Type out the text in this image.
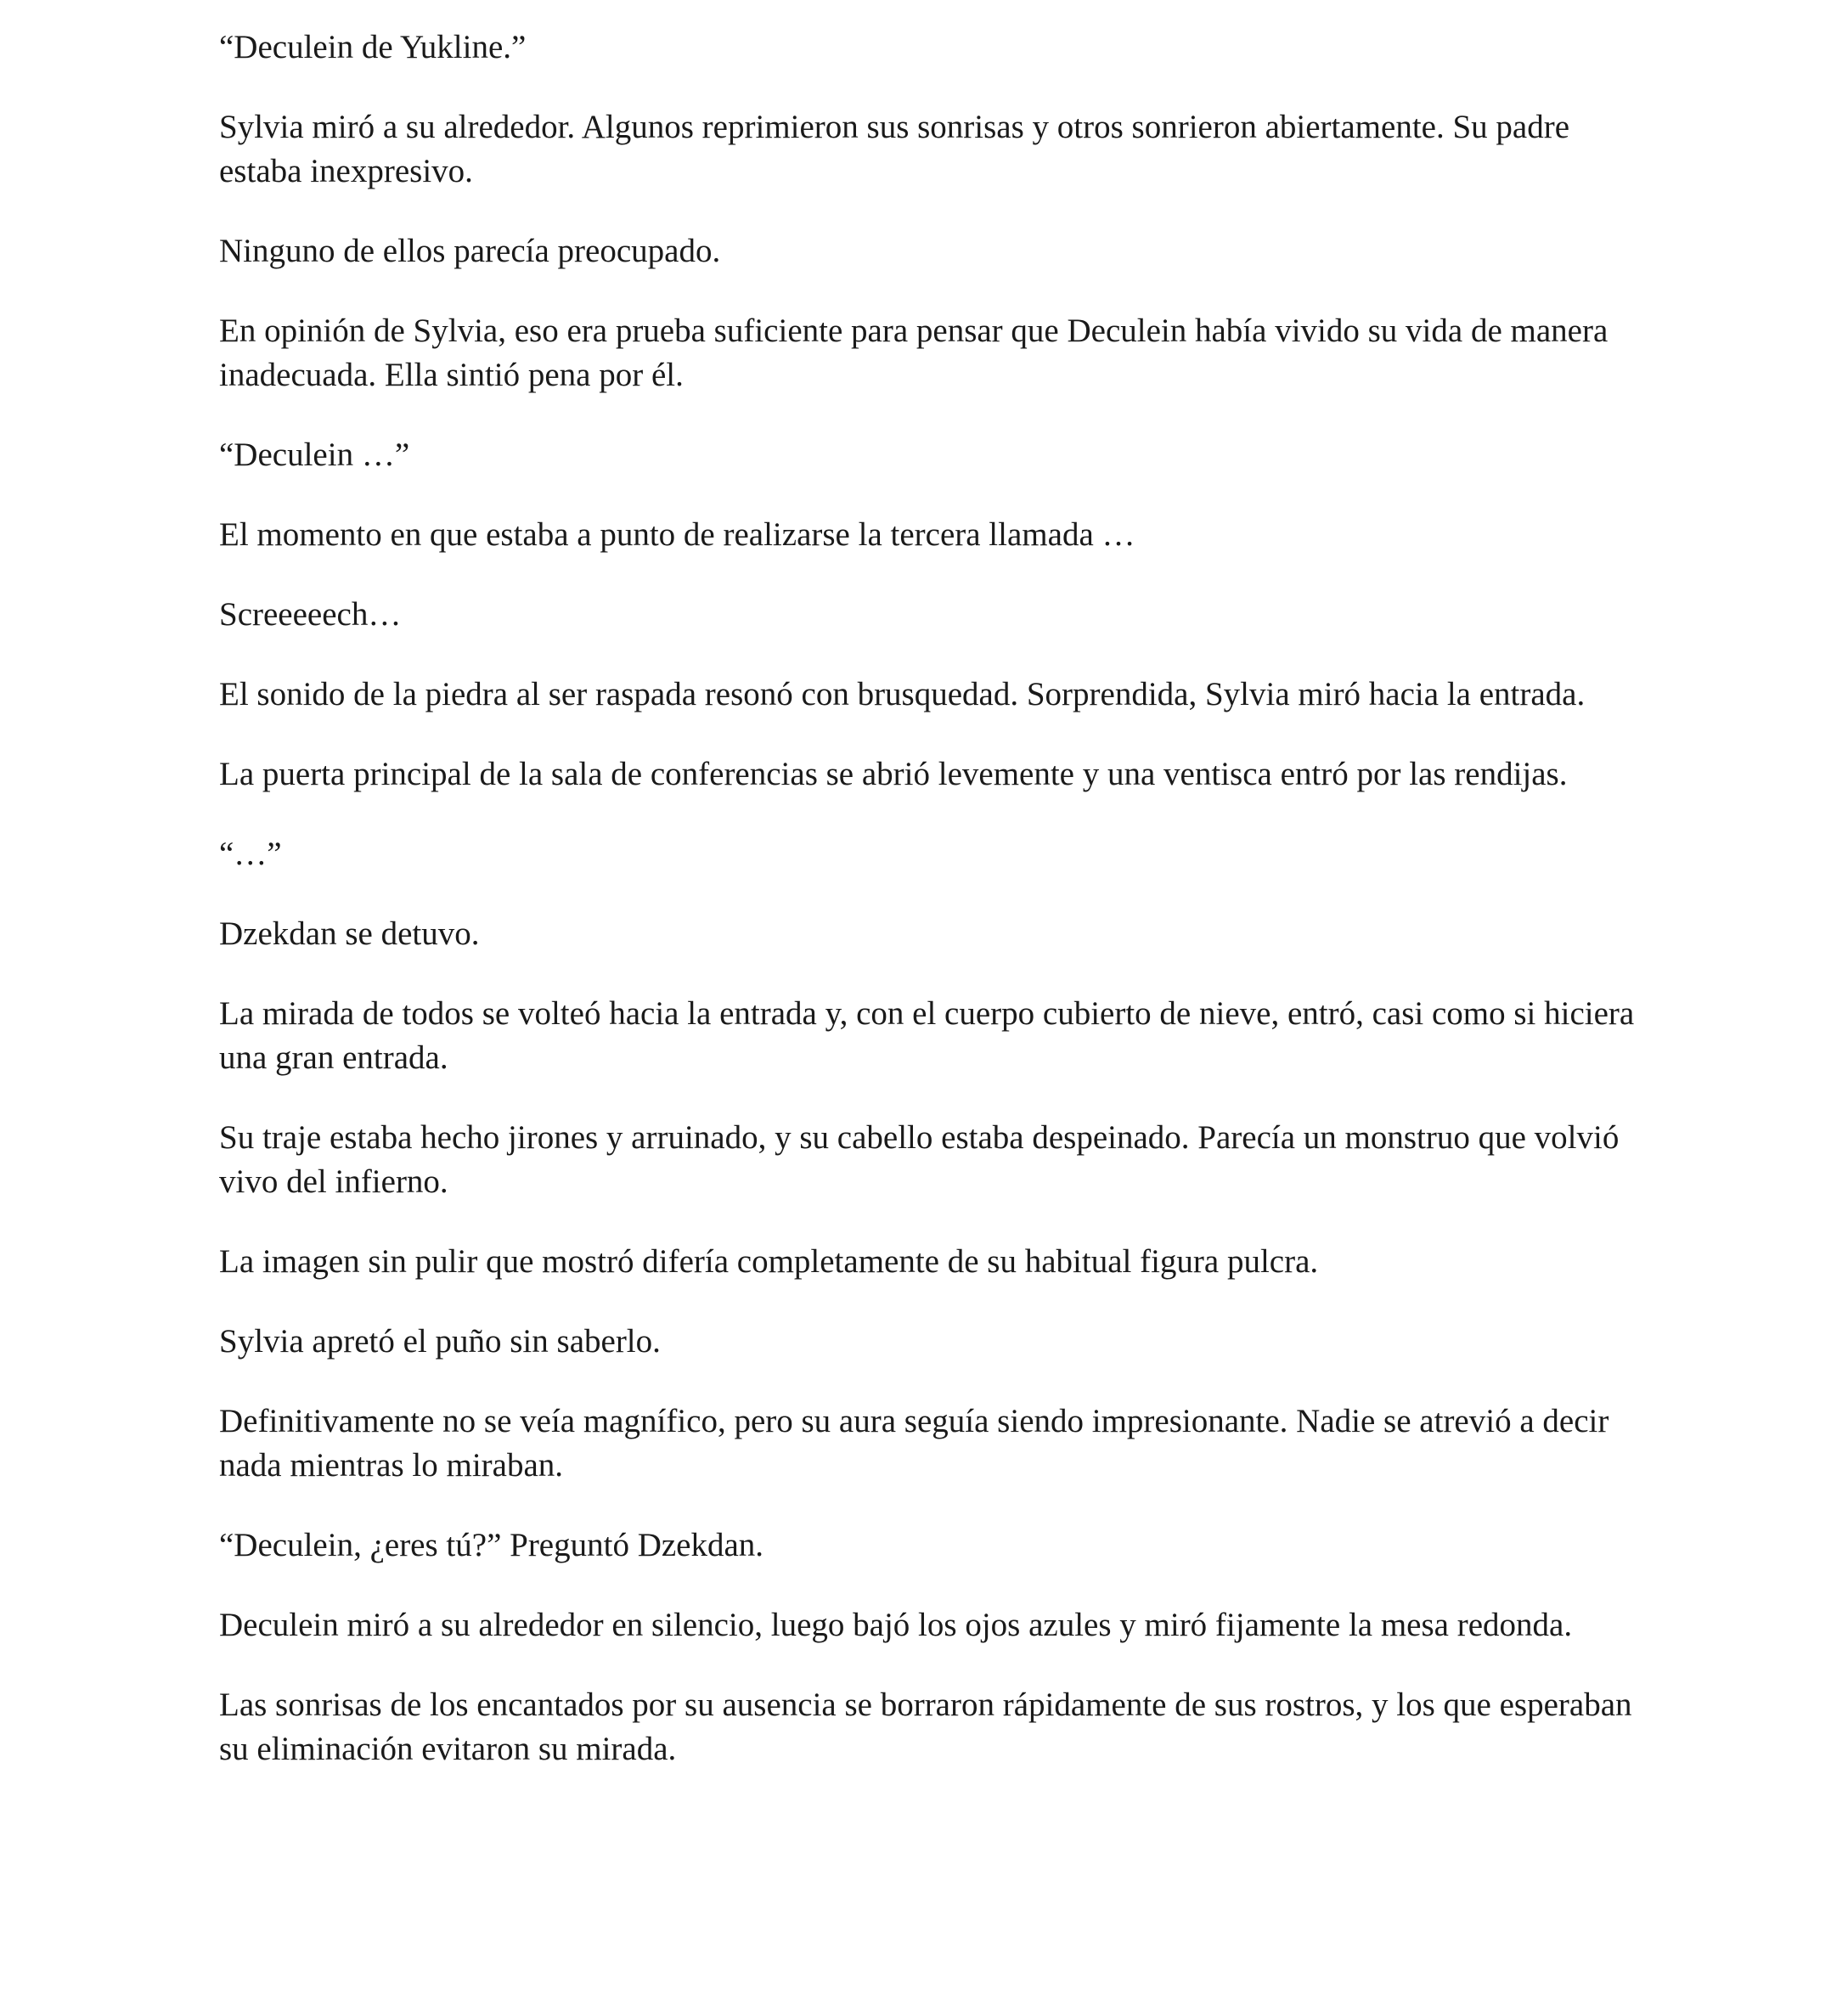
“Deculein de Yukline.”

Sylvia miró a su alrededor. Algunos reprimieron sus sonrisas y otros sonrieron abiertamente. Su padre estaba inexpresivo.

Ninguno de ellos parecía preocupado.

En opinión de Sylvia, eso era prueba suficiente para pensar que Deculein había vivido su vida de manera inadecuada. Ella sintió pena por él.

“Deculein …”

El momento en que estaba a punto de realizarse la tercera llamada …

Screeeeech…

El sonido de la piedra al ser raspada resonó con brusquedad. Sorprendida, Sylvia miró hacia la entrada.

La puerta principal de la sala de conferencias se abrió levemente y una ventisca entró por las rendijas.

“…”

Dzekdan se detuvo.

La mirada de todos se volteó hacia la entrada y, con el cuerpo cubierto de nieve, entró, casi como si hiciera una gran entrada.

Su traje estaba hecho jirones y arruinado, y su cabello estaba despeinado. Parecía un monstruo que volvió vivo del infierno.

La imagen sin pulir que mostró difería completamente de su habitual figura pulcra.

Sylvia apretó el puño sin saberlo.

Definitivamente no se veía magnífico, pero su aura seguía siendo impresionante. Nadie se atrevió a decir nada mientras lo miraban.

“Deculein, ¿eres tú?” Preguntó Dzekdan.

Deculein miró a su alrededor en silencio, luego bajó los ojos azules y miró fijamente la mesa redonda.

Las sonrisas de los encantados por su ausencia se borraron rápidamente de sus rostros, y los que esperaban su eliminación evitaron su mirada.
